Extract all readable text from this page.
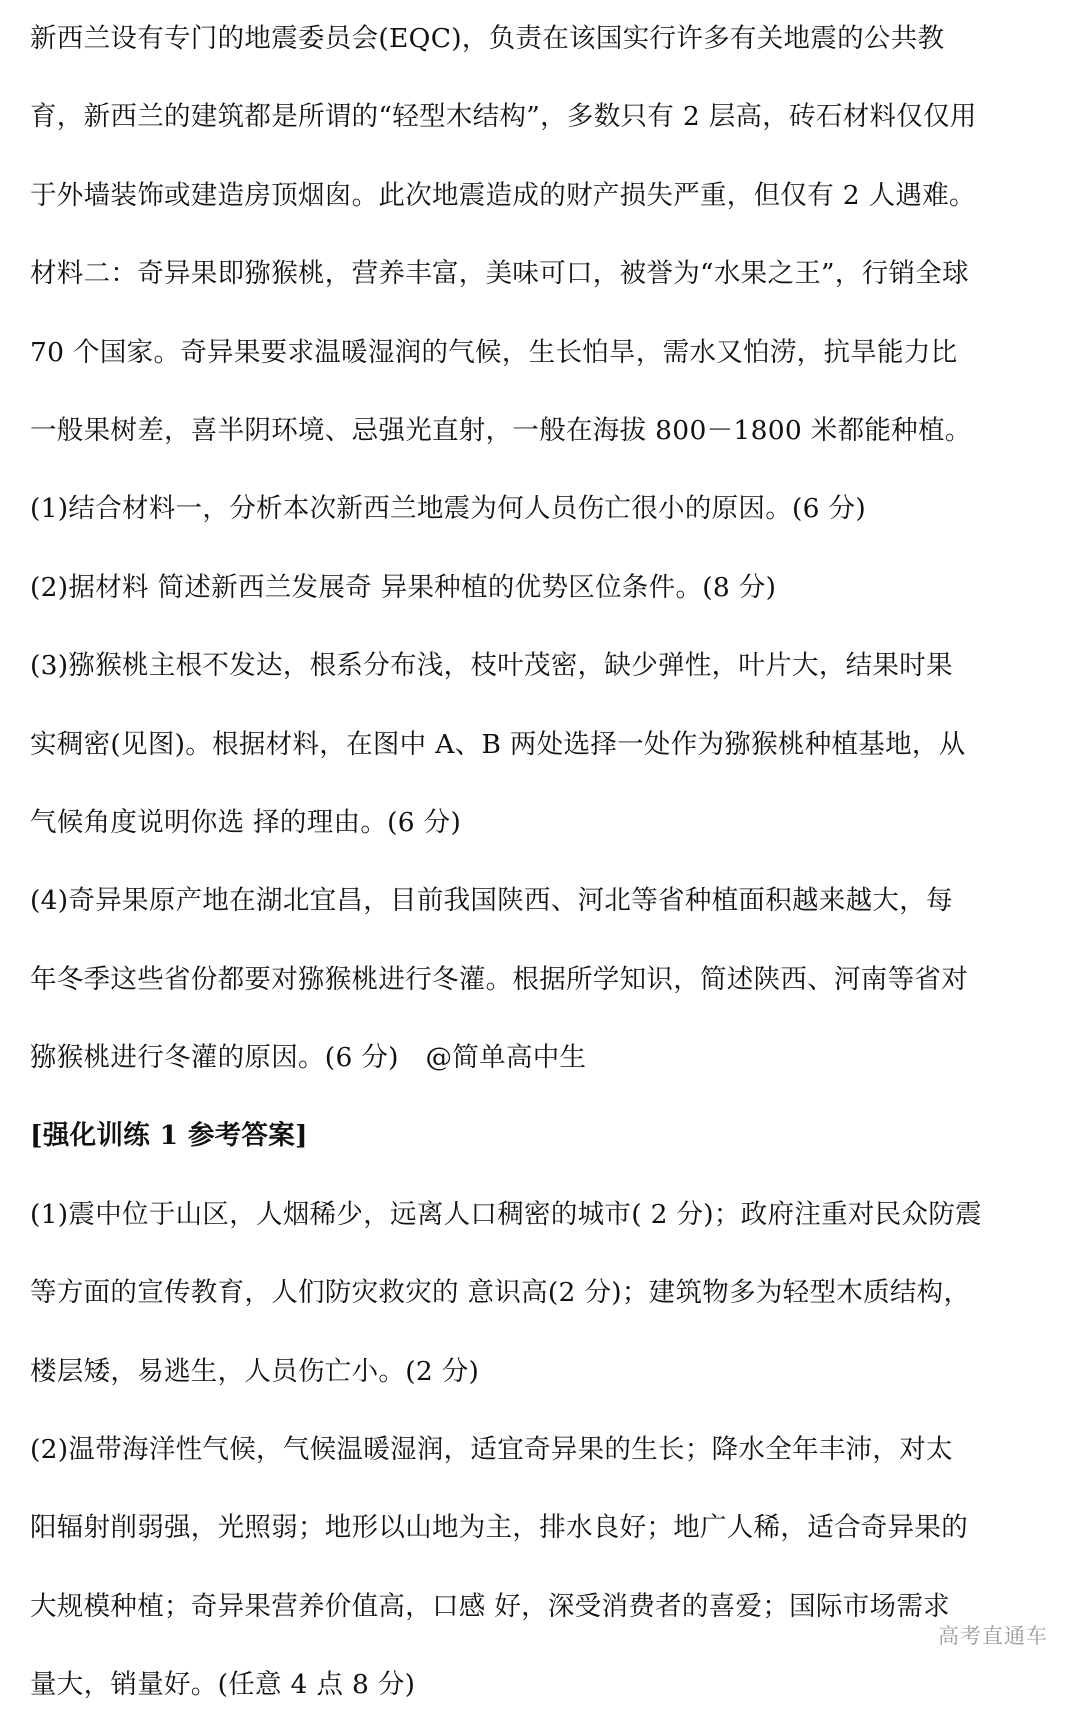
新西兰设有专门的地震委员会(EQC)，负责在该国实行许多有关地震的公共教
育，新西兰的建筑都是所谓的“轻型木结构”，多数只有 2 层高，砖石材料仅仅用
于外墙装饰或建造房顶烟囱。此次地震造成的财产损失严重，但仅有 2 人遇难。
材料二：奇异果即猕猴桃，营养丰富，美味可口，被誉为“水果之王”，行销全球
70 个国家。奇异果要求温暖湿润的气候，生长怕旱，需水又怕涝，抗旱能力比
一般果树差，喜半阴环境、忌强光直射，一般在海拔 800－1800 米都能种植。
(1)结合材料一，分析本次新西兰地震为何人员伤亡很小的原因。(6 分)
(2)据材料 简述新西兰发展奇 异果种植的优势区位条件。(8 分)
(3)猕猴桃主根不发达，根系分布浅，枝叶茂密，缺少弹性，叶片大，结果时果
实稠密(见图)。根据材料，在图中 A、B 两处选择一处作为猕猴桃种植基地，从
气候角度说明你选 择的理由。(6 分)
(4)奇异果原产地在湖北宜昌，目前我国陕西、河北等省种植面积越来越大，每
年冬季这些省份都要对猕猴桃进行冬灌。根据所学知识，简述陕西、河南等省对
猕猴桃进行冬灌的原因。(6 分)　@简单高中生
[强化训练 1 参考答案]
(1)震中位于山区，人烟稀少，远离人口稠密的城市( 2 分)；政府注重对民众防震
等方面的宣传教育，人们防灾救灾的 意识高(2 分)；建筑物多为轻型木质结构，
楼层矮，易逃生，人员伤亡小。(2 分)
(2)温带海洋性气候，气候温暖湿润，适宜奇异果的生长；降水全年丰沛，对太
阳辐射削弱强，光照弱；地形以山地为主，排水良好；地广人稀，适合奇异果的
大规模种植；奇异果营养价值高，口感 好，深受消费者的喜爱；国际市场需求
量大，销量好。(任意 4 点 8 分)
高考直通车
